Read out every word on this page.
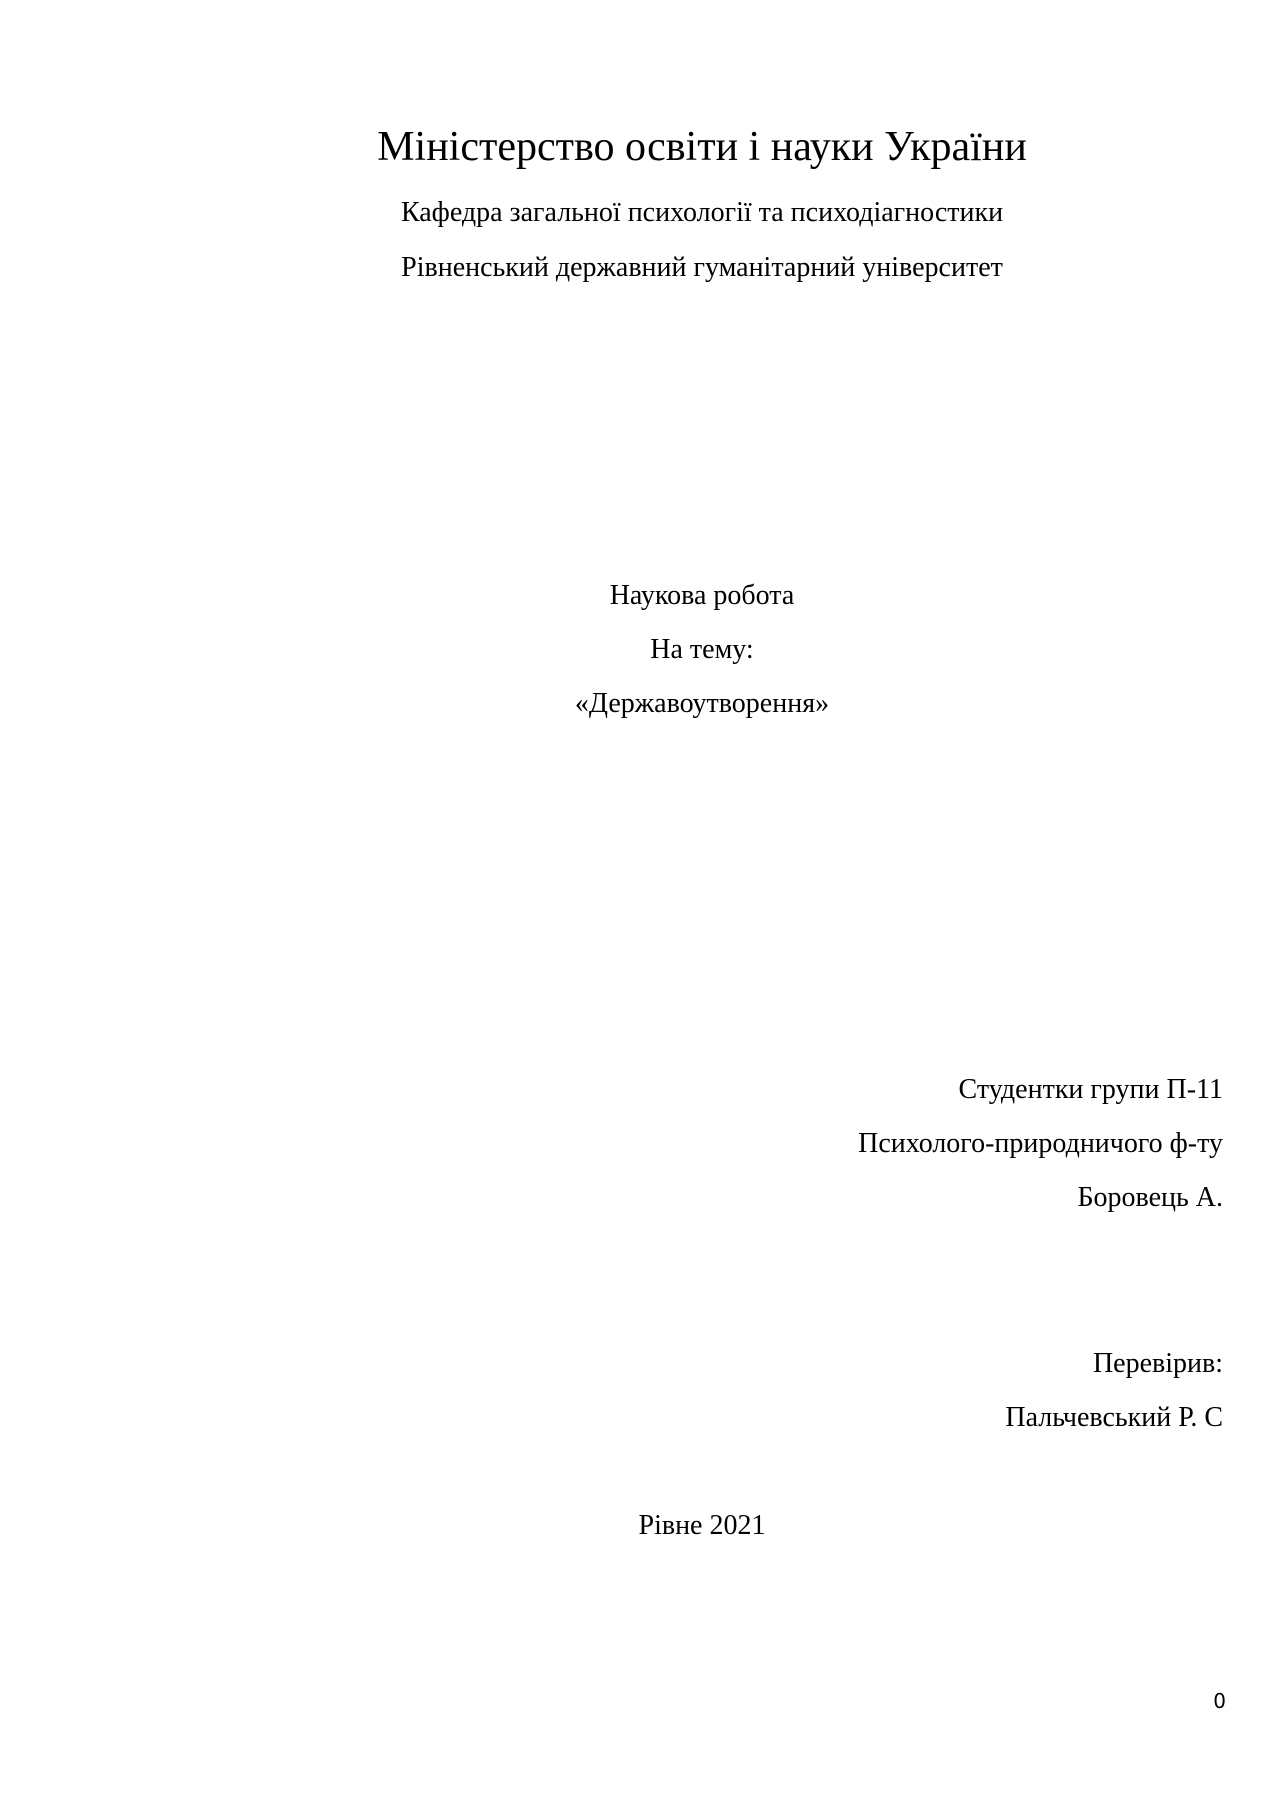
Міністерство освіти і науки України
Кафедра загальної психології та психодіагностики
Рівненський державний гуманітарний університет
Наукова робота
На тему:
«Державоутворення»
Студентки групи П-11
Психолого-природничого ф-ту
Боровець А.
Перевірив:
Пальчевський Р. С
Рівне 2021
0
